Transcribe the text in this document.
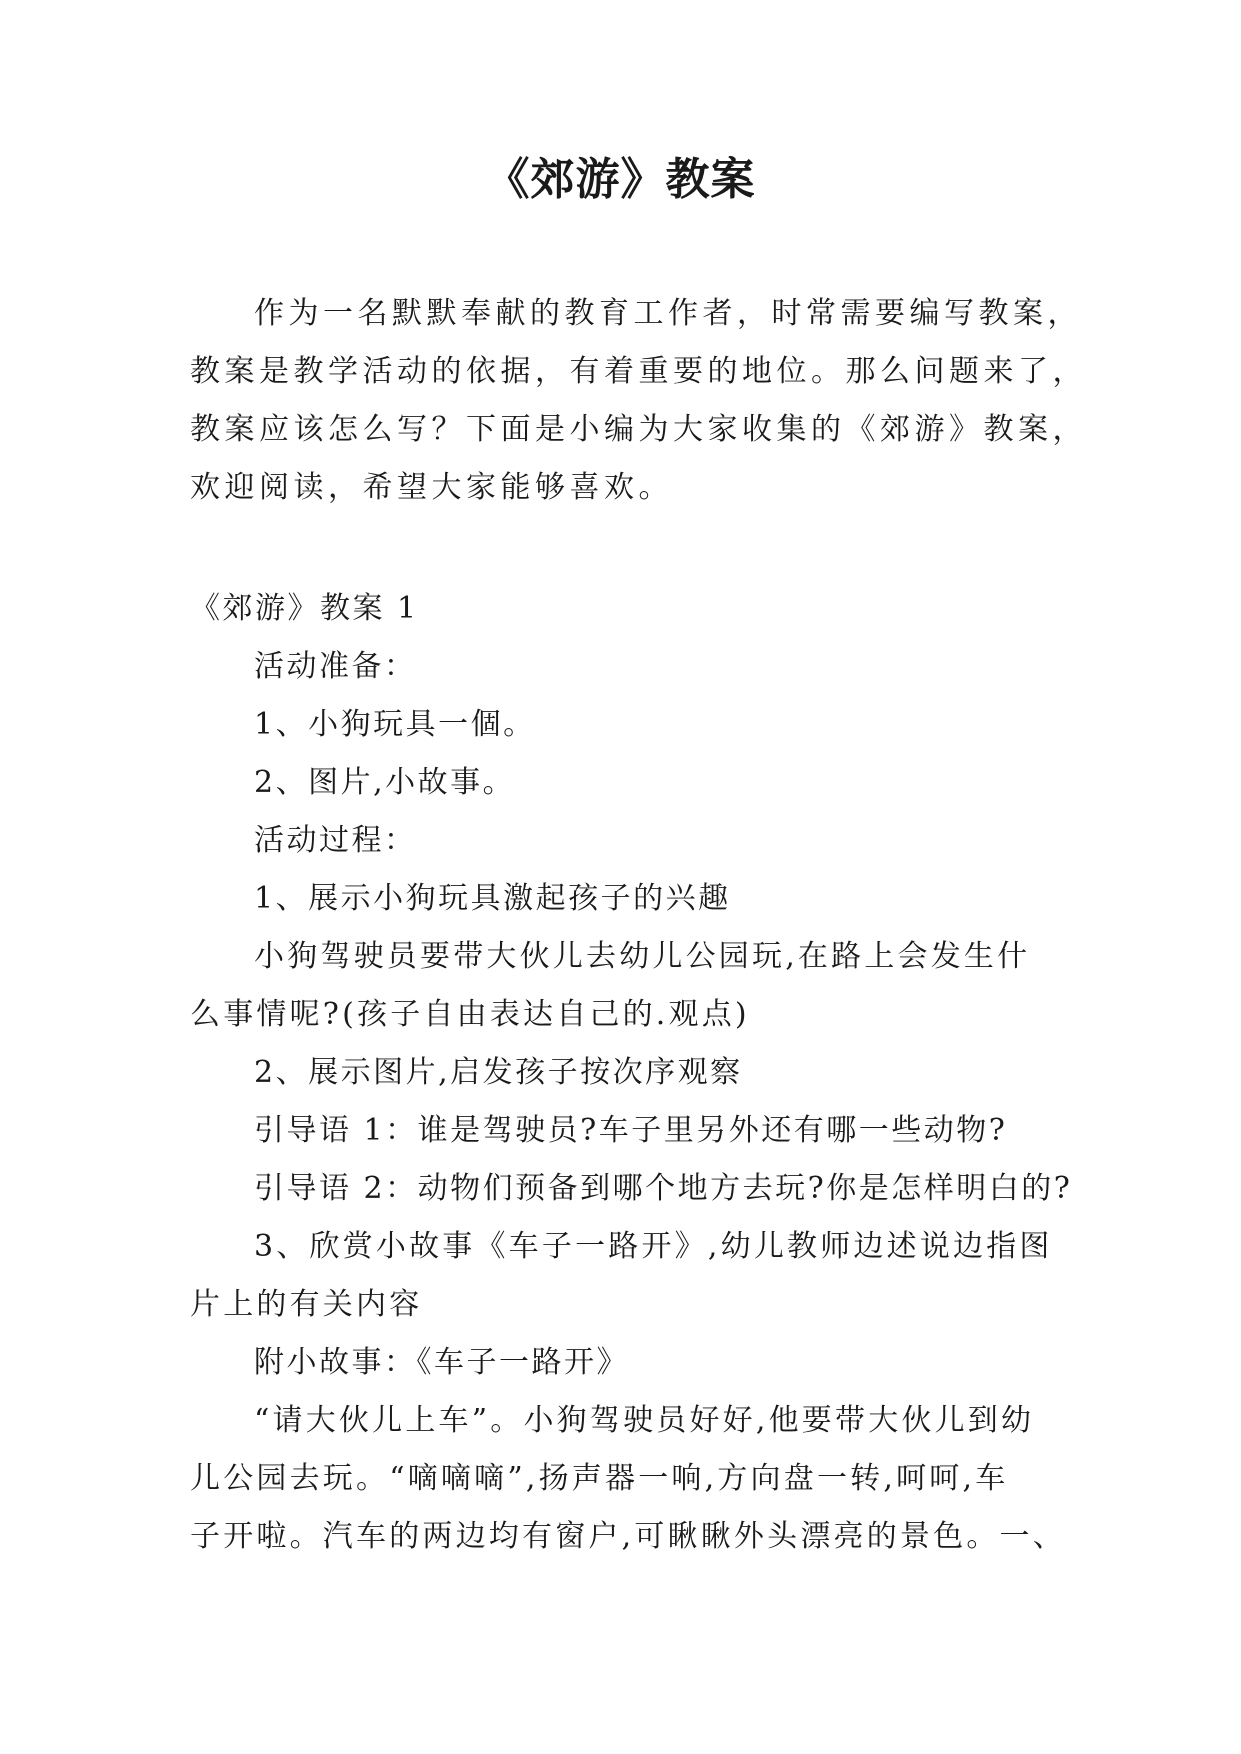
《郊游》教案
作为一名默默奉献的教育工作者，时常需要编写教案，
教案是教学活动的依据，有着重要的地位。那么问题来了，
教案应该怎么写？下面是小编为大家收集的《郊游》教案，
欢迎阅读，希望大家能够喜欢。
《郊游》教案 1
活动准备：
1、小狗玩具一個。
2、图片,小故事。
活动过程：
1、展示小狗玩具激起孩子的兴趣
小狗驾驶员要带大伙儿去幼儿公园玩,在路上会发生什
么事情呢?(孩子自由表达自己的.观点)
2、展示图片,启发孩子按次序观察
引导语 1：谁是驾驶员?车子里另外还有哪一些动物?
引导语 2：动物们预备到哪个地方去玩?你是怎样明白的?
3、欣赏小故事《车子一路开》,幼儿教师边述说边指图
片上的有关内容
附小故事：《车子一路开》
“请大伙儿上车”。小狗驾驶员好好,他要带大伙儿到幼
儿公园去玩。“嘀嘀嘀”,扬声器一响,方向盘一转,呵呵,车
子开啦。汽车的两边均有窗户,可瞅瞅外头漂亮的景色。一、
